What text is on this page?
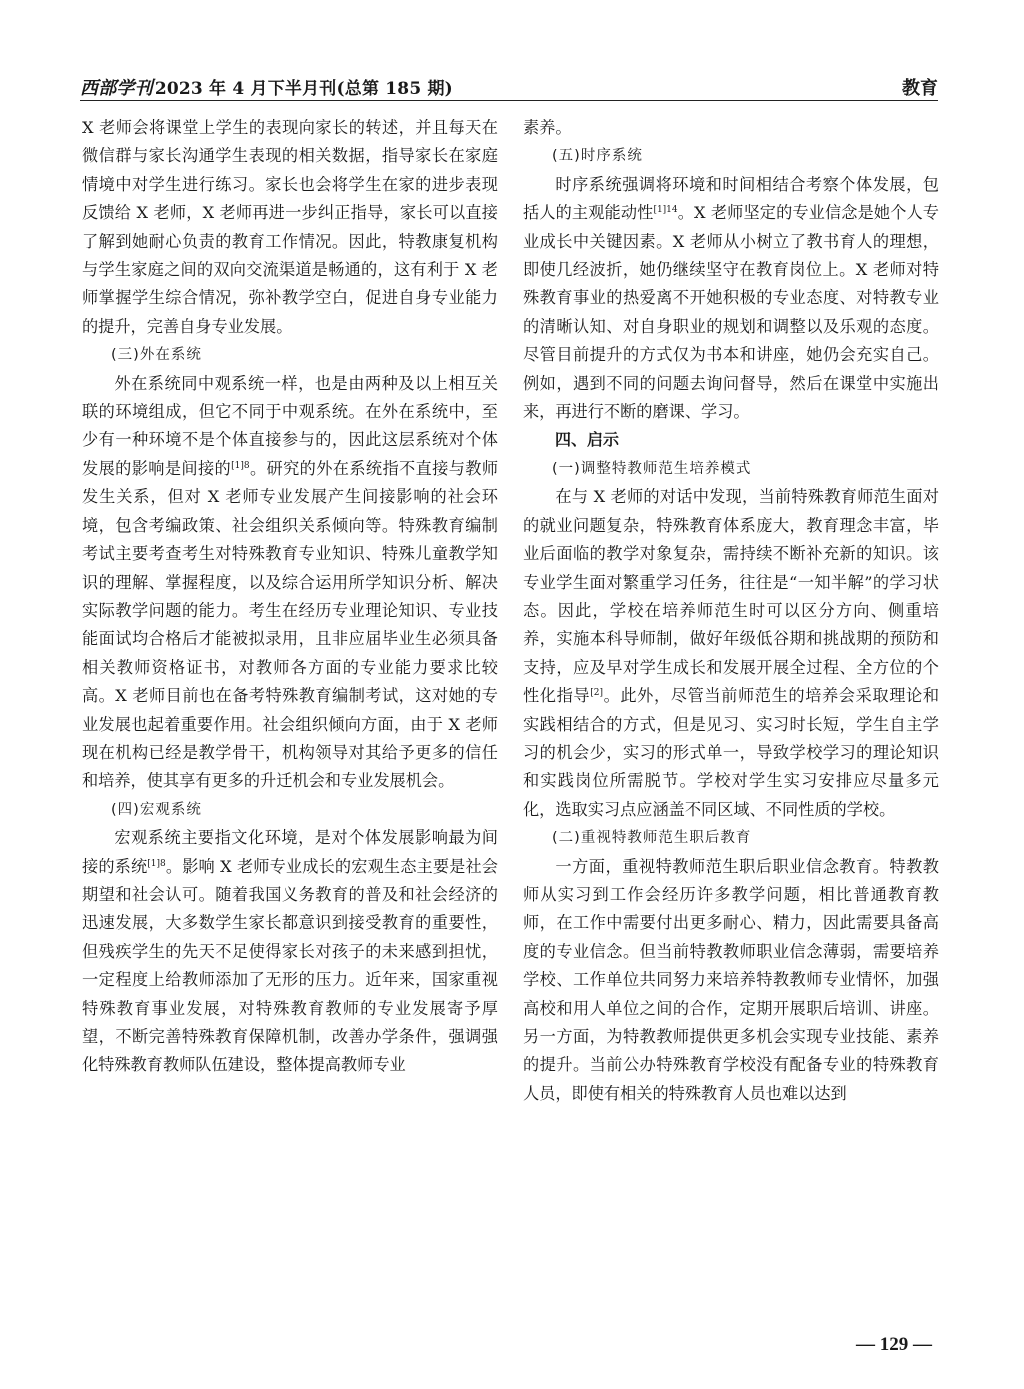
西部学刊 2023 年 4 月下半月刊(总第 185 期)	教育

X 老师会将课堂上学生的表现向家长的转述，并且每天在微信群与家长沟通学生表现的相关数据，指导家长在家庭情境中对学生进行练习。家长也会将学生在家的进步表现反馈给 X 老师，X 老师再进一步纠正指导，家长可以直接了解到她耐心负责的教育工作情况。因此，特教康复机构与学生家庭之间的双向交流渠道是畅通的，这有利于 X 老师掌握学生综合情况，弥补教学空白，促进自身专业能力的提升，完善自身专业发展。

(三)外在系统

外在系统同中观系统一样，也是由两种及以上相互关联的环境组成，但它不同于中观系统。在外在系统中，至少有一种环境不是个体直接参与的，因此这层系统对个体发展的影响是间接的$^{[1]8}$。研究的外在系统指不直接与教师发生关系，但对 X 老师专业发展产生间接影响的社会环境，包含考编政策、社会组织关系倾向等。特殊教育编制考试主要考查考生对特殊教育专业知识、特殊儿童教学知识的理解、掌握程度，以及综合运用所学知识分析、解决实际教学问题的能力。考生在经历专业理论知识、专业技能面试均合格后才能被拟录用，且非应届毕业生必须具备相关教师资格证书，对教师各方面的专业能力要求比较高。X 老师目前也在备考特殊教育编制考试，这对她的专业发展也起着重要作用。社会组织倾向方面，由于 X 老师现在机构已经是教学骨干，机构领导对其给予更多的信任和培养，使其享有更多的升迁机会和专业发展机会。

(四)宏观系统

宏观系统主要指文化环境，是对个体发展影响最为间接的系统$^{[1]8}$。影响 X 老师专业成长的宏观生态主要是社会期望和社会认可。随着我国义务教育的普及和社会经济的迅速发展，大多数学生家长都意识到接受教育的重要性，但残疾学生的先天不足使得家长对孩子的未来感到担忧，一定程度上给教师添加了无形的压力。近年来，国家重视特殊教育事业发展，对特殊教育教师的专业发展寄予厚望，不断完善特殊教育保障机制，改善办学条件，强调强化特殊教育教师队伍建设，整体提高教师专业

素养。

(五)时序系统

时序系统强调将环境和时间相结合考察个体发展，包括人的主观能动性$^{[1]14}$。X 老师坚定的专业信念是她个人专业成长中关键因素。X 老师从小树立了教书育人的理想，即使几经波折，她仍继续坚守在教育岗位上。X 老师对特殊教育事业的热爱离不开她积极的专业态度、对特教专业的清晰认知、对自身职业的规划和调整以及乐观的态度。尽管目前提升的方式仅为书本和讲座，她仍会充实自己。例如，遇到不同的问题去询问督导，然后在课堂中实施出来，再进行不断的磨课、学习。

四、启示

(一)调整特教师范生培养模式

在与 X 老师的对话中发现，当前特殊教育师范生面对的就业问题复杂，特殊教育体系庞大，教育理念丰富，毕业后面临的教学对象复杂，需持续不断补充新的知识。该专业学生面对繁重学习任务，往往是“一知半解”的学习状态。因此，学校在培养师范生时可以区分方向、侧重培养，实施本科导师制，做好年级低谷期和挑战期的预防和支持，应及早对学生成长和发展开展全过程、全方位的个性化指导[2]。此外，尽管当前师范生的培养会采取理论和实践相结合的方式，但是见习、实习时长短，学生自主学习的机会少，实习的形式单一，导致学校学习的理论知识和实践岗位所需脱节。学校对学生实习安排应尽量多元化，选取实习点应涵盖不同区域、不同性质的学校。

(二)重视特教师范生职后教育

一方面，重视特教师范生职后职业信念教育。特教教师从实习到工作会经历许多教学问题，相比普通教育教师，在工作中需要付出更多耐心、精力，因此需要具备高度的专业信念。但当前特教教师职业信念薄弱，需要培养学校、工作单位共同努力来培养特教教师专业情怀，加强高校和用人单位之间的合作，定期开展职后培训、讲座。另一方面，为特教教师提供更多机会实现专业技能、素养的提升。当前公办特殊教育学校没有配备专业的特殊教育人员，即使有相关的特殊教育人员也难以达到

— 129 —
